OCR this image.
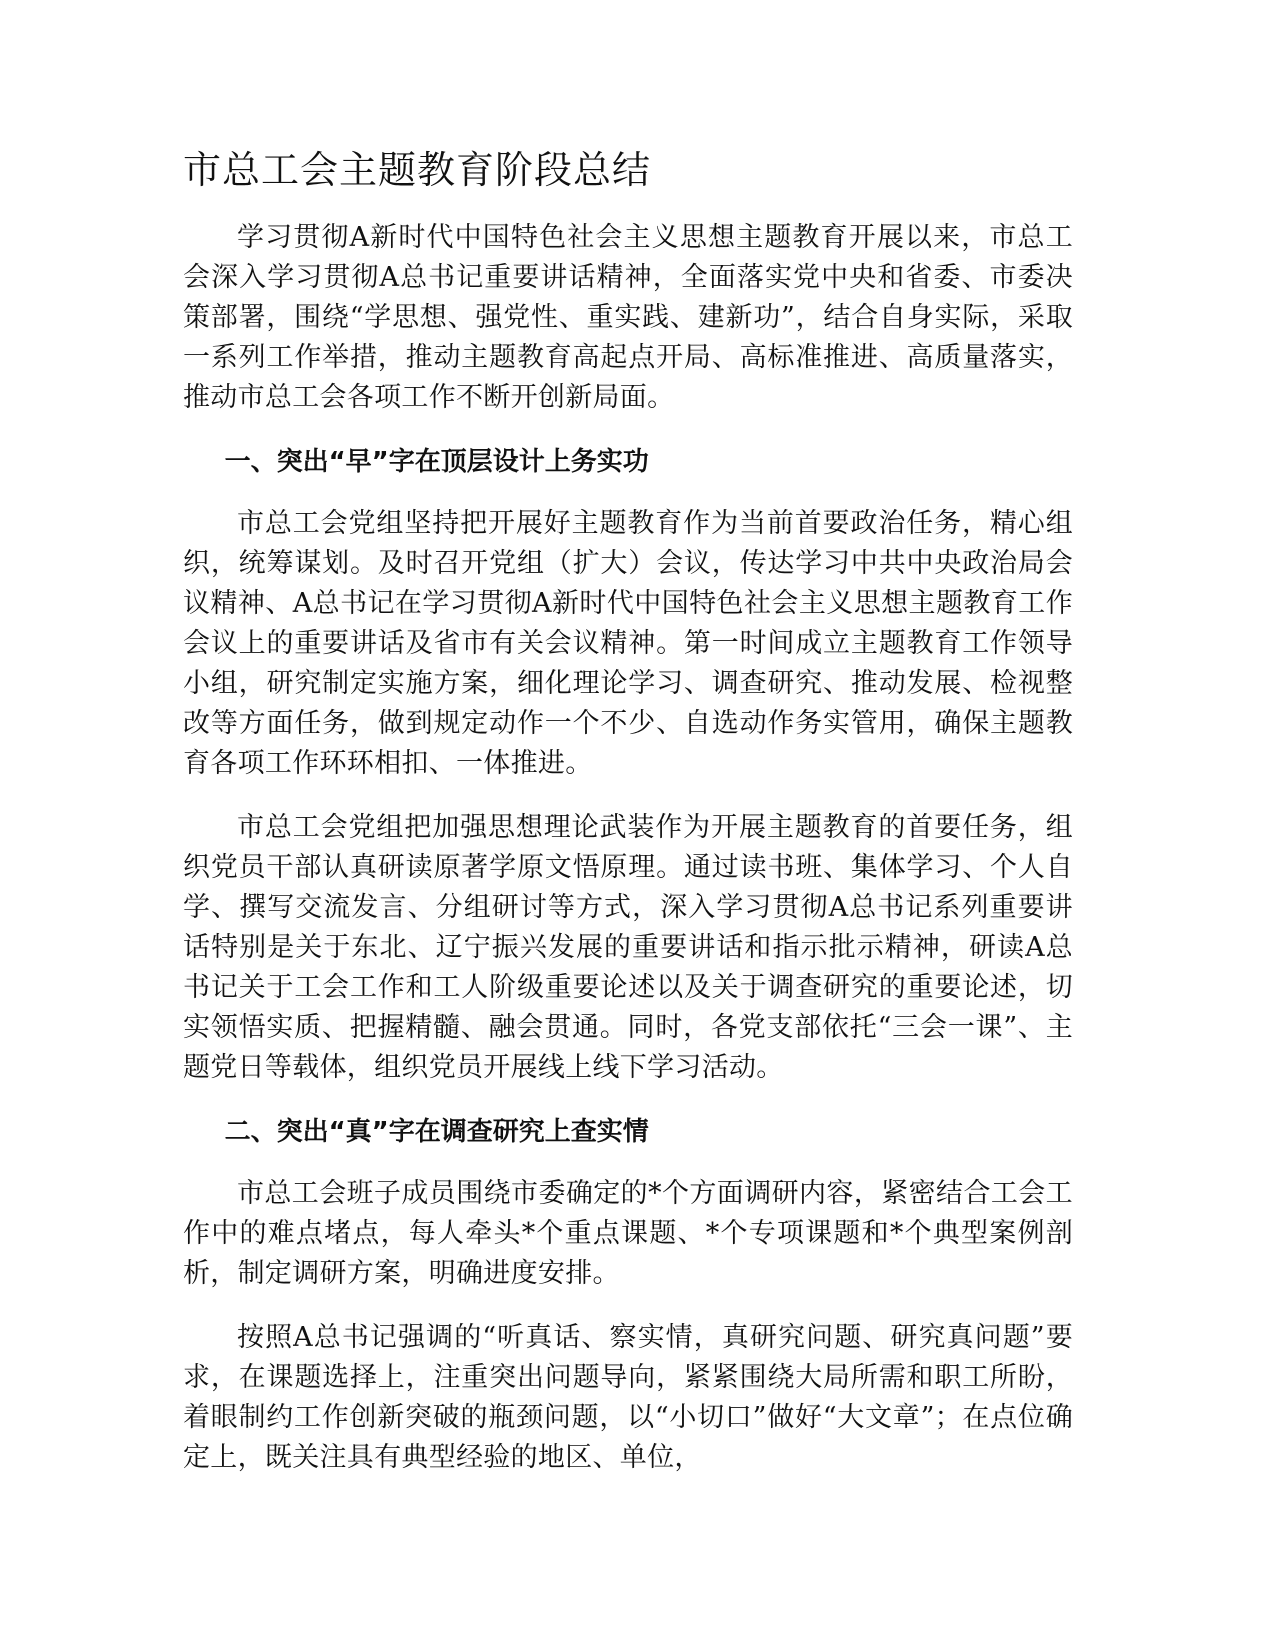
市总工会主题教育阶段总结

学习贯彻A新时代中国特色社会主义思想主题教育开展以来，市总工会深入学习贯彻A总书记重要讲话精神，全面落实党中央和省委、市委决策部署，围绕“学思想、强党性、重实践、建新功”，结合自身实际，采取一系列工作举措，推动主题教育高起点开局、高标准推进、高质量落实，推动市总工会各项工作不断开创新局面。

一、突出“早”字在顶层设计上务实功

市总工会党组坚持把开展好主题教育作为当前首要政治任务，精心组织，统筹谋划。及时召开党组（扩大）会议，传达学习中共中央政治局会议精神、A总书记在学习贯彻A新时代中国特色社会主义思想主题教育工作会议上的重要讲话及省市有关会议精神。第一时间成立主题教育工作领导小组，研究制定实施方案，细化理论学习、调查研究、推动发展、检视整改等方面任务，做到规定动作一个不少、自选动作务实管用，确保主题教育各项工作环环相扣、一体推进。

市总工会党组把加强思想理论武装作为开展主题教育的首要任务，组织党员干部认真研读原著学原文悟原理。通过读书班、集体学习、个人自学、撰写交流发言、分组研讨等方式，深入学习贯彻A总书记系列重要讲话特别是关于东北、辽宁振兴发展的重要讲话和指示批示精神，研读A总书记关于工会工作和工人阶级重要论述以及关于调查研究的重要论述，切实领悟实质、把握精髓、融会贯通。同时，各党支部依托“三会一课”、主题党日等载体，组织党员开展线上线下学习活动。

二、突出“真”字在调查研究上查实情

市总工会班子成员围绕市委确定的*个方面调研内容，紧密结合工会工作中的难点堵点，每人牵头*个重点课题、*个专项课题和*个典型案例剖析，制定调研方案，明确进度安排。

按照A总书记强调的“听真话、察实情，真研究问题、研究真问题”要求，在课题选择上，注重突出问题导向，紧紧围绕大局所需和职工所盼，着眼制约工作创新突破的瓶颈问题，以“小切口”做好“大文章”；在点位确定上，既关注具有典型经验的地区、单位，
